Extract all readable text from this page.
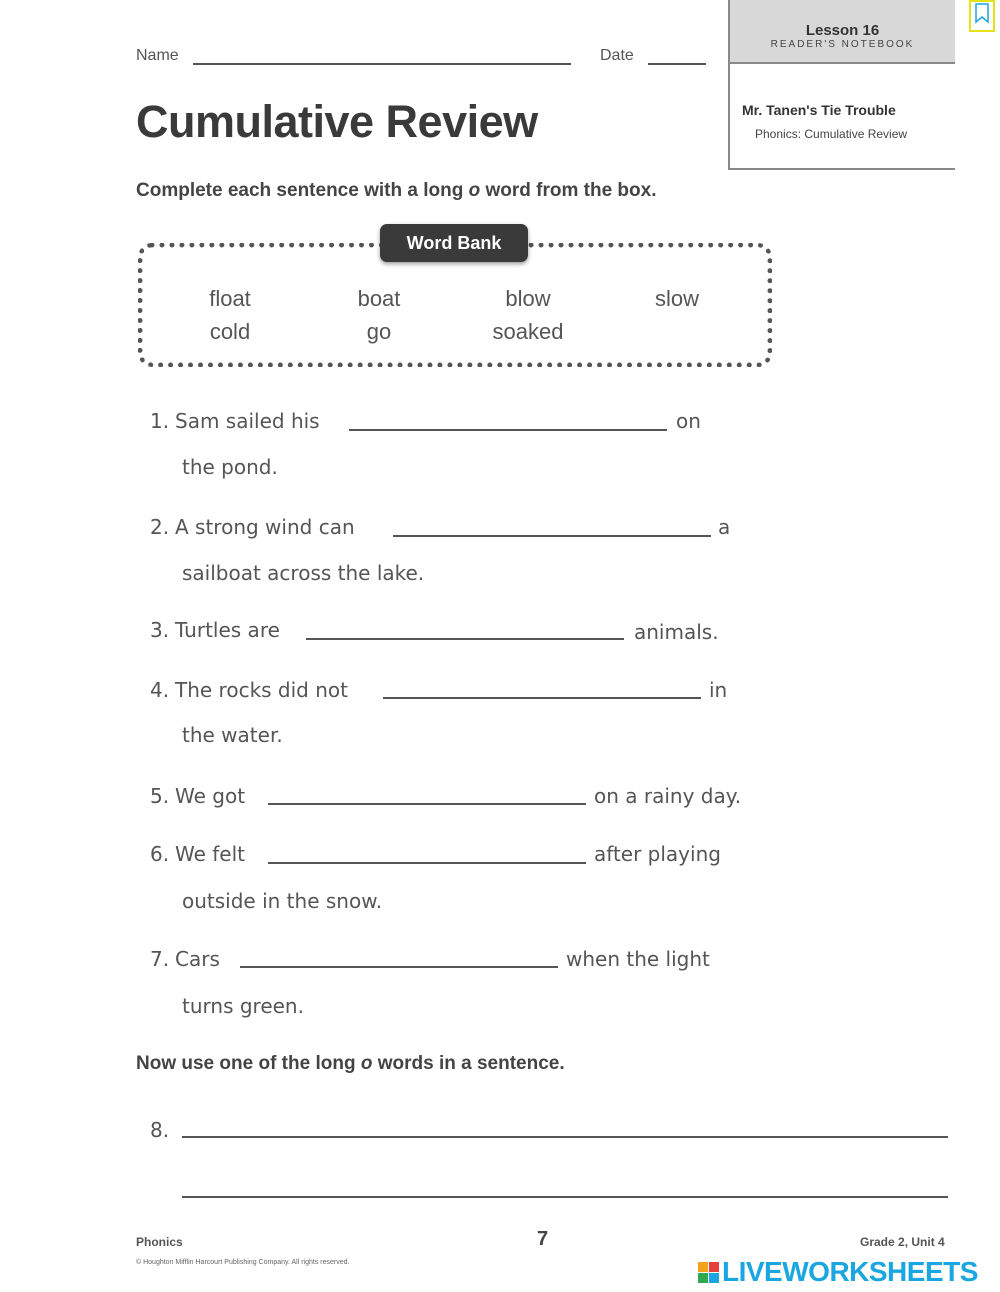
Name	Date
Lesson 16
READER'S NOTEBOOK
Mr. Tanen's Tie Trouble
Phonics: Cumulative Review
Cumulative Review
Complete each sentence with a long o word from the box.
Word Bank
float	boat	blow	slow
cold	go	soaked
1. Sam sailed his	on
the pond.
2. A strong wind can	a
sailboat across the lake.
3. Turtles are	animals.
4. The rocks did not	in
the water.
5. We got	on a rainy day.
6. We felt	after playing
outside in the snow.
7. Cars	when the light
turns green.
Now use one of the long o words in a sentence.
8.
Phonics	7	Grade 2, Unit 4
© Houghton Mifflin Harcourt Publishing Company. All rights reserved.	LIVEWORKSHEETS
